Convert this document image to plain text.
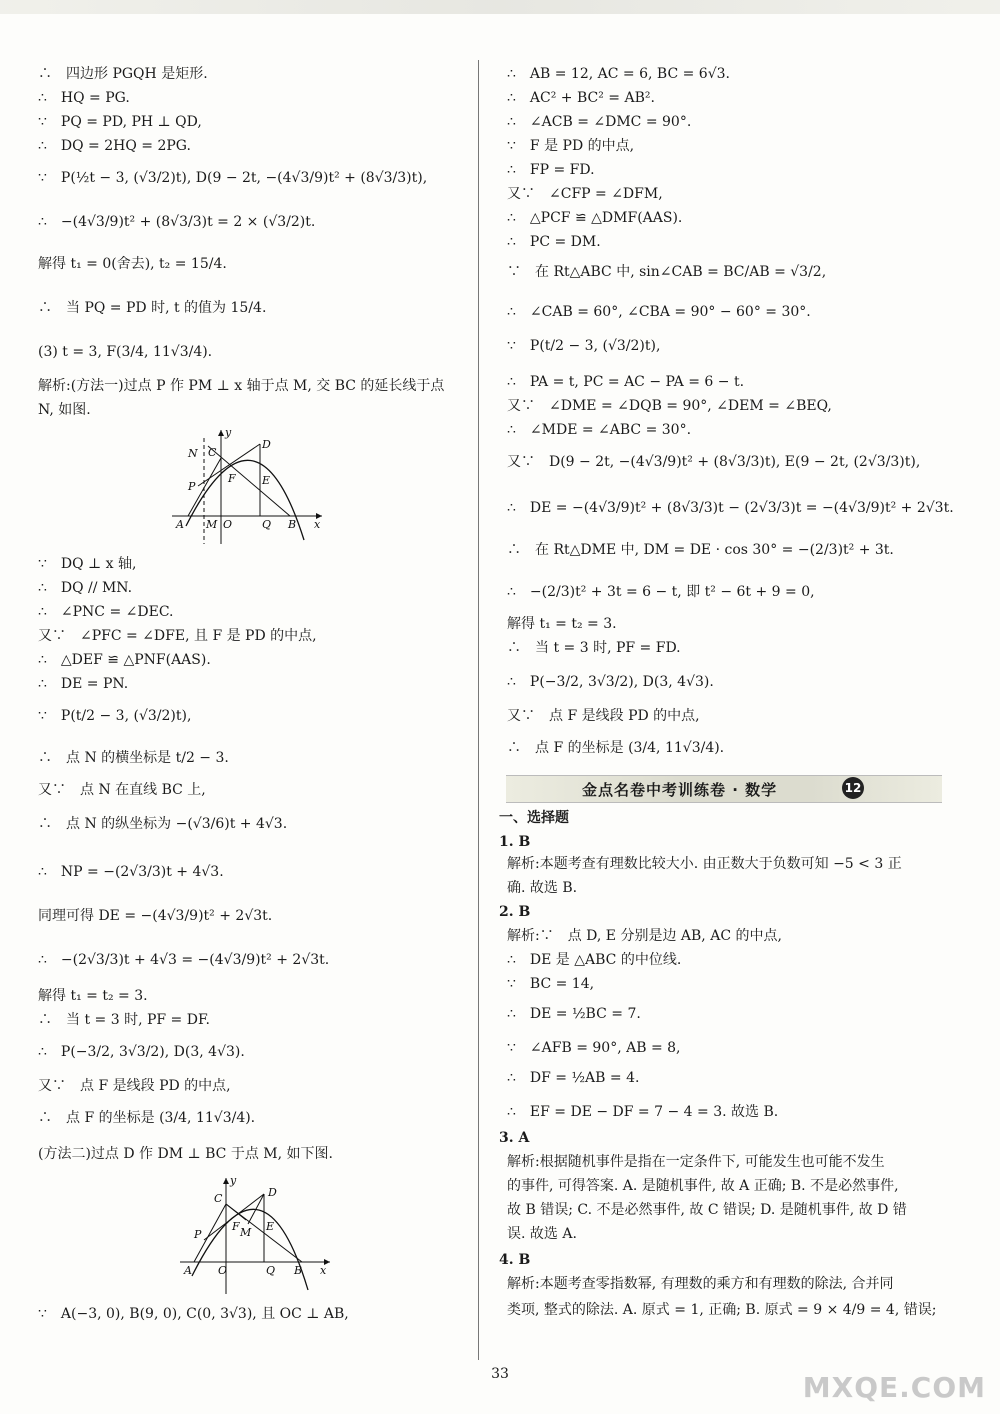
∴　四边形 PGQH 是矩形.
∴　HQ = PG.
∵　PQ = PD, PH ⊥ QD,
∴　DQ = 2HQ = 2PG.
∵　P(½t − 3, (√3/2)t), D(9 − 2t, −(4√3/9)t² + (8√3/3)t),
∴　−(4√3/9)t² + (8√3/3)t = 2 × (√3/2)t.
解得 t₁ = 0(舍去), t₂ = 15/4.
∴　当 PQ = PD 时, t 的值为 15/4.
(3) t = 3, F(3/4, 11√3/4).
解析:(方法一)过点 P 作 PM ⊥ x 轴于点 M, 交 BC 的延长线于点
N, 如图.
∵　DQ ⊥ x 轴,
∴　DQ // MN.
∴　∠PNC = ∠DEC.
又∵　∠PFC = ∠DFE, 且 F 是 PD 的中点,
∴　△DEF ≌ △PNF(AAS).
∴　DE = PN.
∵　P(t/2 − 3, (√3/2)t),
∴　点 N 的横坐标是 t/2 − 3.
又∵　点 N 在直线 BC 上,
∴　点 N 的纵坐标为 −(√3/6)t + 4√3.
∴　NP = −(2√3/3)t + 4√3.
同理可得 DE = −(4√3/9)t² + 2√3t.
∴　−(2√3/3)t + 4√3 = −(4√3/9)t² + 2√3t.
解得 t₁ = t₂ = 3.
∴　当 t = 3 时, PF = DF.
∴　P(−3/2, 3√3/2), D(3, 4√3).
又∵　点 F 是线段 PD 的中点,
∴　点 F 的坐标是 (3/4, 11√3/4).
(方法二)过点 D 作 DM ⊥ BC 于点 M, 如下图.
∵　A(−3, 0), B(9, 0), C(0, 3√3), 且 OC ⊥ AB,
∴　AB = 12, AC = 6, BC = 6√3.
∴　AC² + BC² = AB².
∴　∠ACB = ∠DMC = 90°.
∵　F 是 PD 的中点,
∴　FP = FD.
又∵　∠CFP = ∠DFM,
∴　△PCF ≌ △DMF(AAS).
∴　PC = DM.
∵　在 Rt△ABC 中, sin∠CAB = BC/AB = √3/2,
∴　∠CAB = 60°, ∠CBA = 90° − 60° = 30°.
∵　P(t/2 − 3, (√3/2)t),
∴　PA = t, PC = AC − PA = 6 − t.
又∵　∠DME = ∠DQB = 90°, ∠DEM = ∠BEQ,
∴　∠MDE = ∠ABC = 30°.
又∵　D(9 − 2t, −(4√3/9)t² + (8√3/3)t), E(9 − 2t, (2√3/3)t),
∴　DE = −(4√3/9)t² + (8√3/3)t − (2√3/3)t = −(4√3/9)t² + 2√3t.
∴　在 Rt△DME 中, DM = DE · cos 30° = −(2/3)t² + 3t.
∴　−(2/3)t² + 3t = 6 − t, 即 t² − 6t + 9 = 0,
解得 t₁ = t₂ = 3.
∴　当 t = 3 时, PF = FD.
∴　P(−3/2, 3√3/2), D(3, 4√3).
又∵　点 F 是线段 PD 的中点,
∴　点 F 的坐标是 (3/4, 11√3/4).
一、选择题
1. B
解析:本题考查有理数比较大小. 由正数大于负数可知 −5 < 3 正
确. 故选 B.
2. B
解析:∵　点 D, E 分别是边 AB, AC 的中点,
∴　DE 是 △ABC 的中位线.
∵　BC = 14,
∴　DE = ½BC = 7.
∵　∠AFB = 90°, AB = 8,
∴　DF = ½AB = 4.
∴　EF = DE − DF = 7 − 4 = 3. 故选 B.
3. A
解析:根据随机事件是指在一定条件下, 可能发生也可能不发生
的事件, 可得答案. A. 是随机事件, 故 A 正确; B. 不是必然事件,
故 B 错误; C. 不是必然事件, 故 C 错误; D. 是随机事件, 故 D 错
误. 故选 A.
4. B
解析:本题考查零指数幂, 有理数的乘方和有理数的除法, 合并同
类项, 整式的除法. A. 原式 = 1, 正确; B. 原式 = 9 × 4/9 = 4, 错误;
金点名卷中考训练卷 · 数学	12
y
D
N C
F
P	E
A M O	Q B x
y
C	D
F
P	M E
A O	Q B x
33	MXQE.COM
